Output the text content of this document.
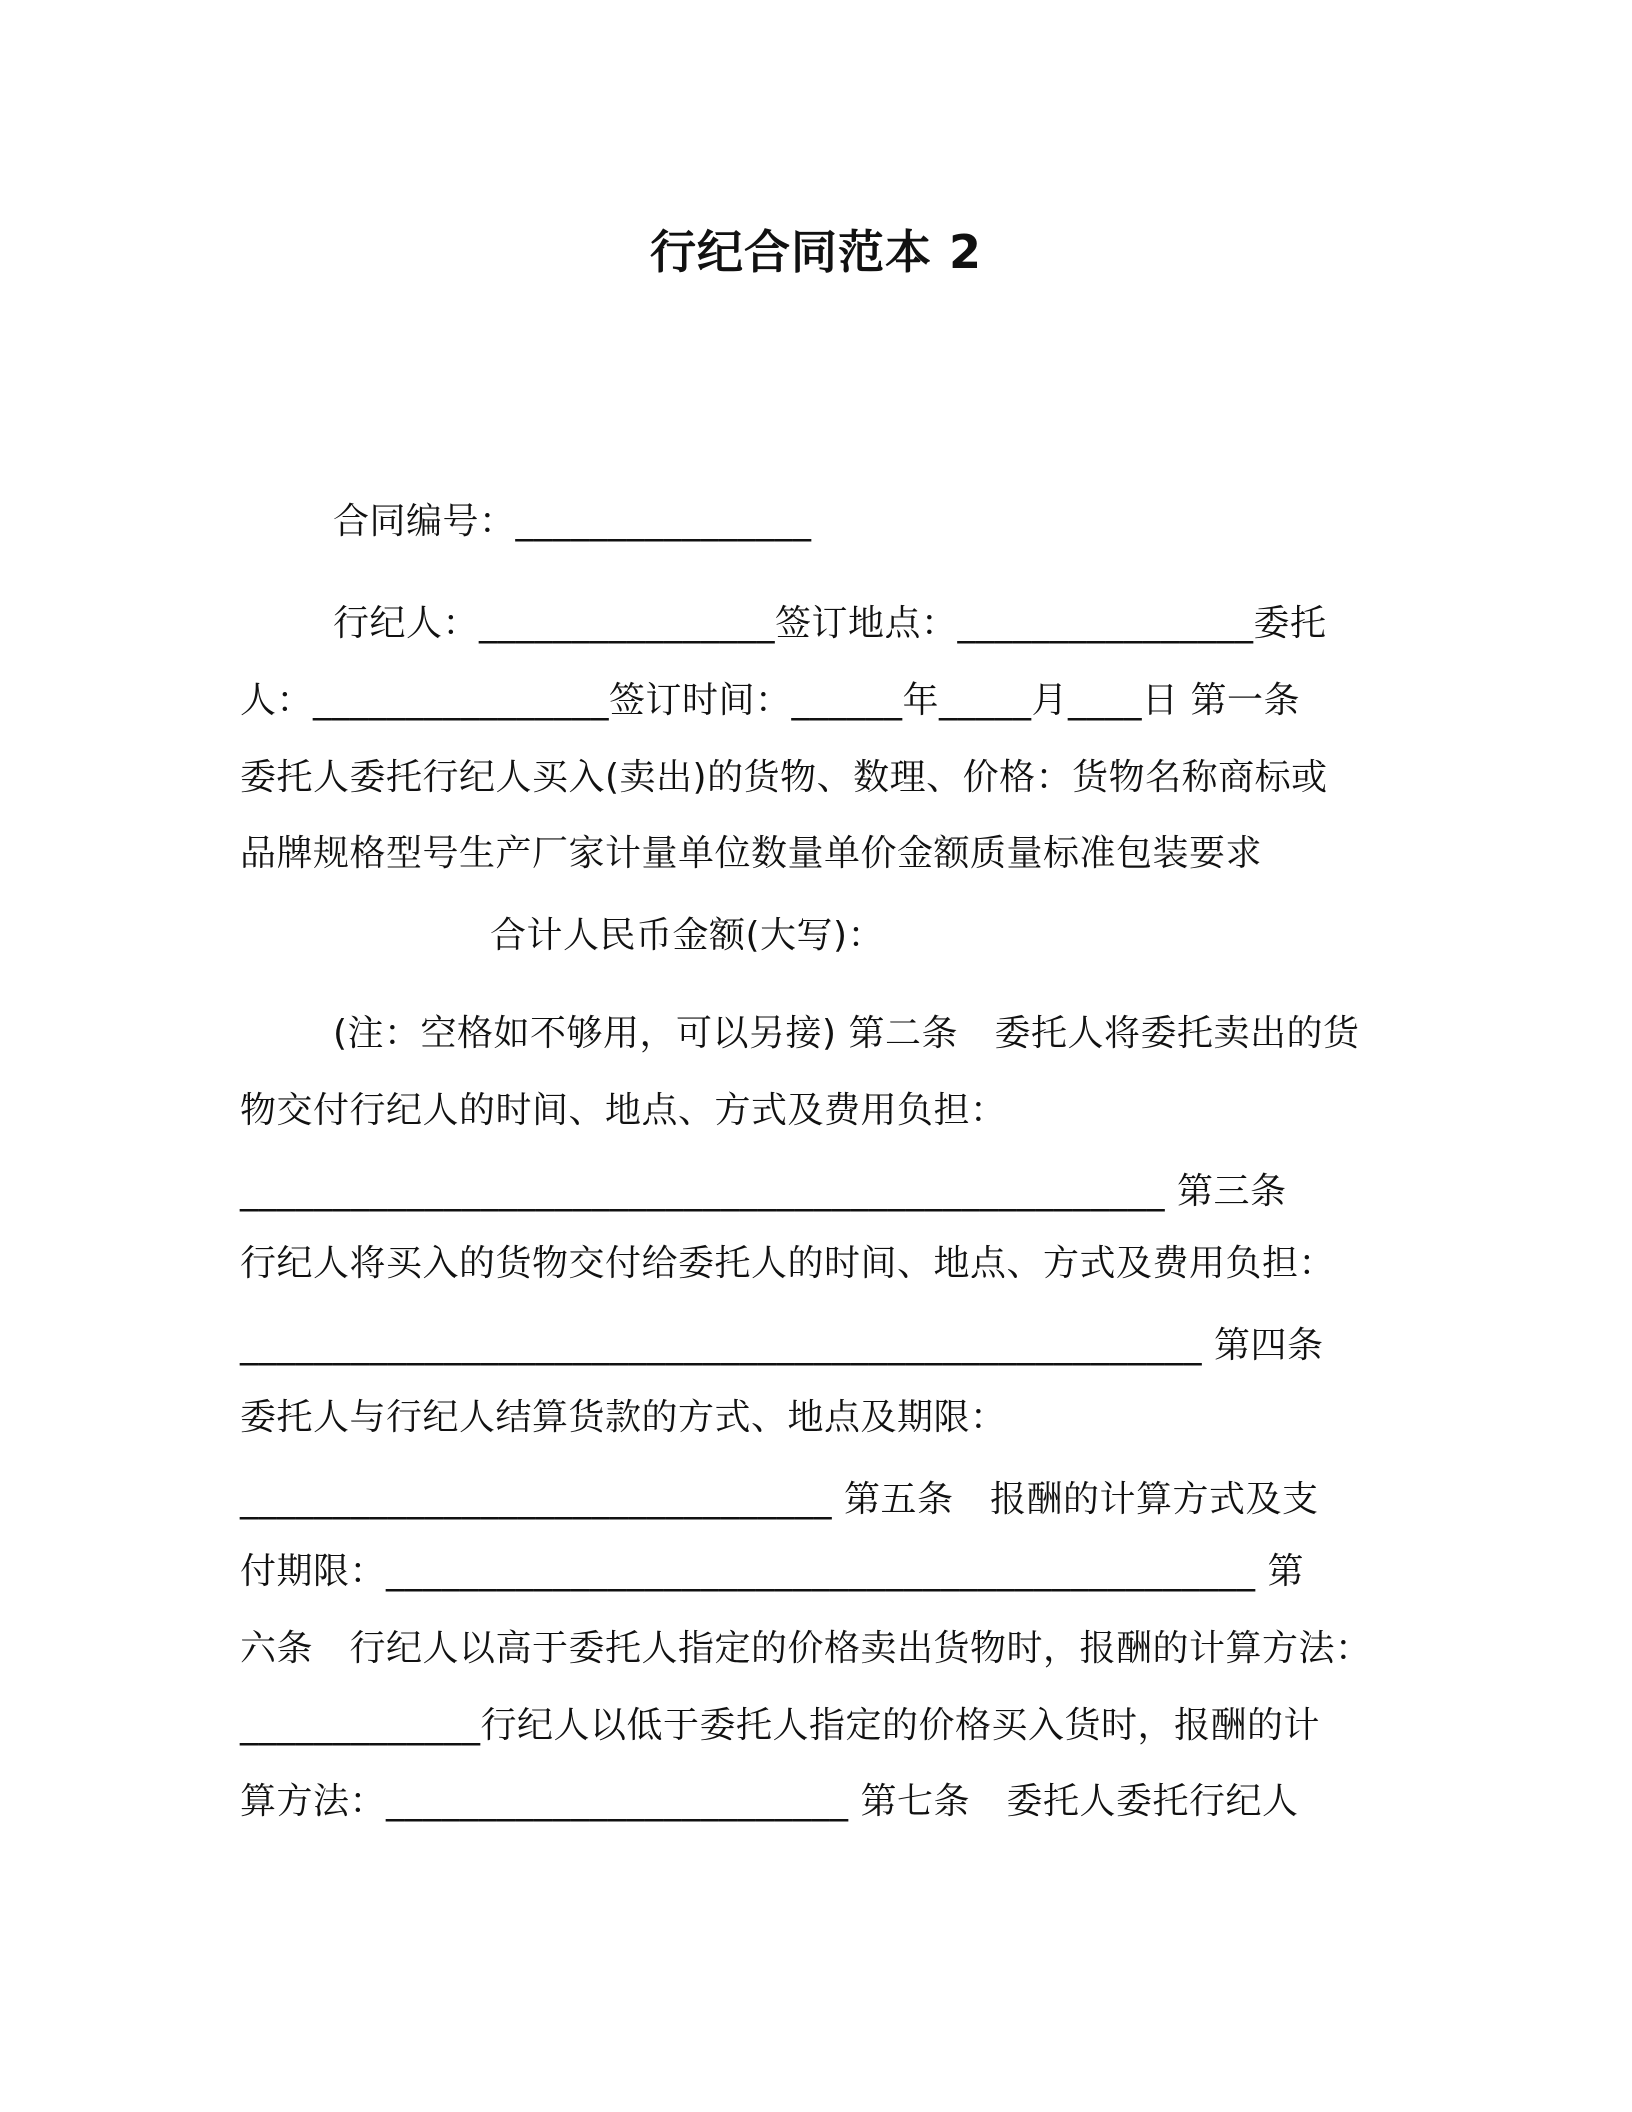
行纪合同范本 2
合同编号：________________
行纪人：________________签订地点：________________委托
人：________________签订时间：______年_____月____日 第一条
委托人委托行纪人买入(卖出)的货物、数理、价格：货物名称商标或
品牌规格型号生产厂家计量单位数量单价金额质量标准包装要求
合计人民币金额(大写)：
(注：空格如不够用，可以另接) 第二条　委托人将委托卖出的货
物交付行纪人的时间、地点、方式及费用负担：
__________________________________________________ 第三条
行纪人将买入的货物交付给委托人的时间、地点、方式及费用负担：
____________________________________________________ 第四条
委托人与行纪人结算货款的方式、地点及期限：
________________________________ 第五条　报酬的计算方式及支
付期限：_______________________________________________ 第
六条　行纪人以高于委托人指定的价格卖出货物时，报酬的计算方法：
_____________行纪人以低于委托人指定的价格买入货时，报酬的计
算方法：_________________________ 第七条　委托人委托行纪人
